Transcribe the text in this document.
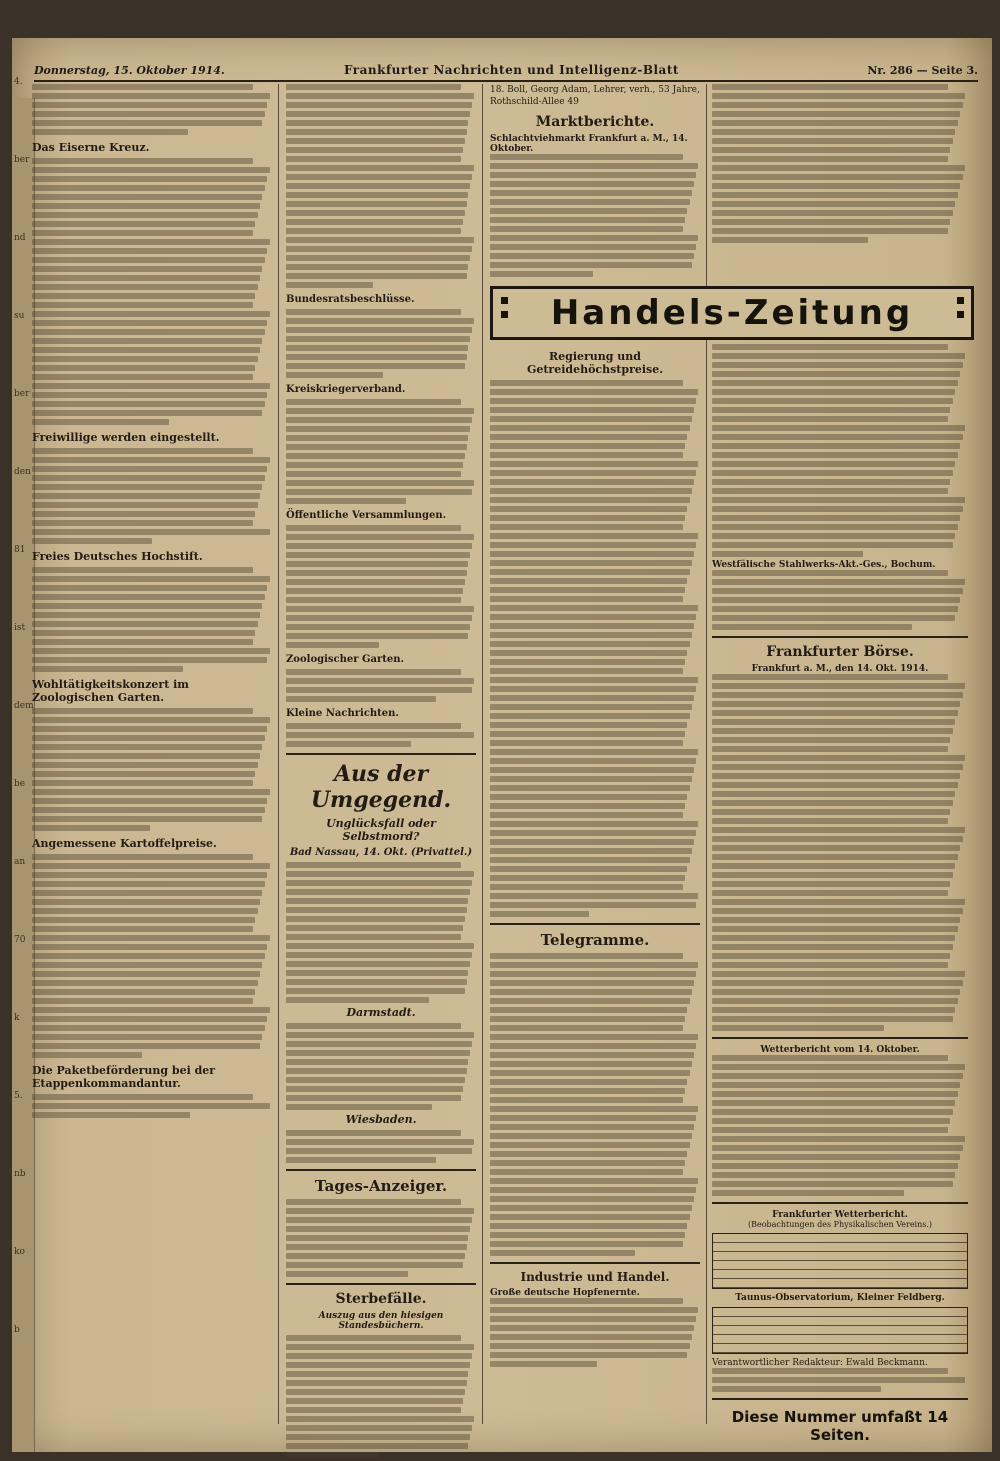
4.
ber
nd
su
ber
den
81
ist
dem
be
an
70
k
5.
nb
ko
b
Donnerstag, 15. Oktober 1914.	Frankfurter Nachrichten und Intelligenz-Blatt	Nr. 286 — Seite 3.
Das Eiserne Kreuz.
Freiwillige werden eingestellt.
Freies Deutsches Hochstift.
Wohltätigkeitskonzert im Zoologischen Garten.
Angemessene Kartoffelpreise.
Die Paketbeförderung bei der Etappenkommandantur.
Bundesratsbeschlüsse.
Kreiskriegerverband.
Öffentliche Versammlungen.
Zoologischer Garten.
Kleine Nachrichten.
Aus der Umgegend.
Unglücksfall oder Selbstmord?
Bad Nassau, 14. Okt. (Privattel.)
Darmstadt.
Wiesbaden.
Tages-Anzeiger.
Sterbefälle.
Auszug aus den hiesigen Standesbüchern.
18. Boll, Georg Adam, Lehrer, verh., 53 Jahre, Rothschild-Allee 49
Marktberichte.
Schlachtviehmarkt Frankfurt a. M., 14. Oktober.
Handels-Zeitung
Regierung und Getreidehöchstpreise.
Telegramme.
Industrie und Handel.
Große deutsche Hopfenernte.
Westfälische Stahlwerks-Akt.-Ges., Bochum.
Frankfurter Börse.
Frankfurt a. M., den 14. Okt. 1914.
Wetterbericht vom 14. Oktober.
Frankfurter Wetterbericht.
(Beobachtungen des Physikalischen Vereins.)
Taunus-Observatorium, Kleiner Feldberg.
Verantwortlicher Redakteur: Ewald Beckmann.
Diese Nummer umfaßt 14 Seiten.
